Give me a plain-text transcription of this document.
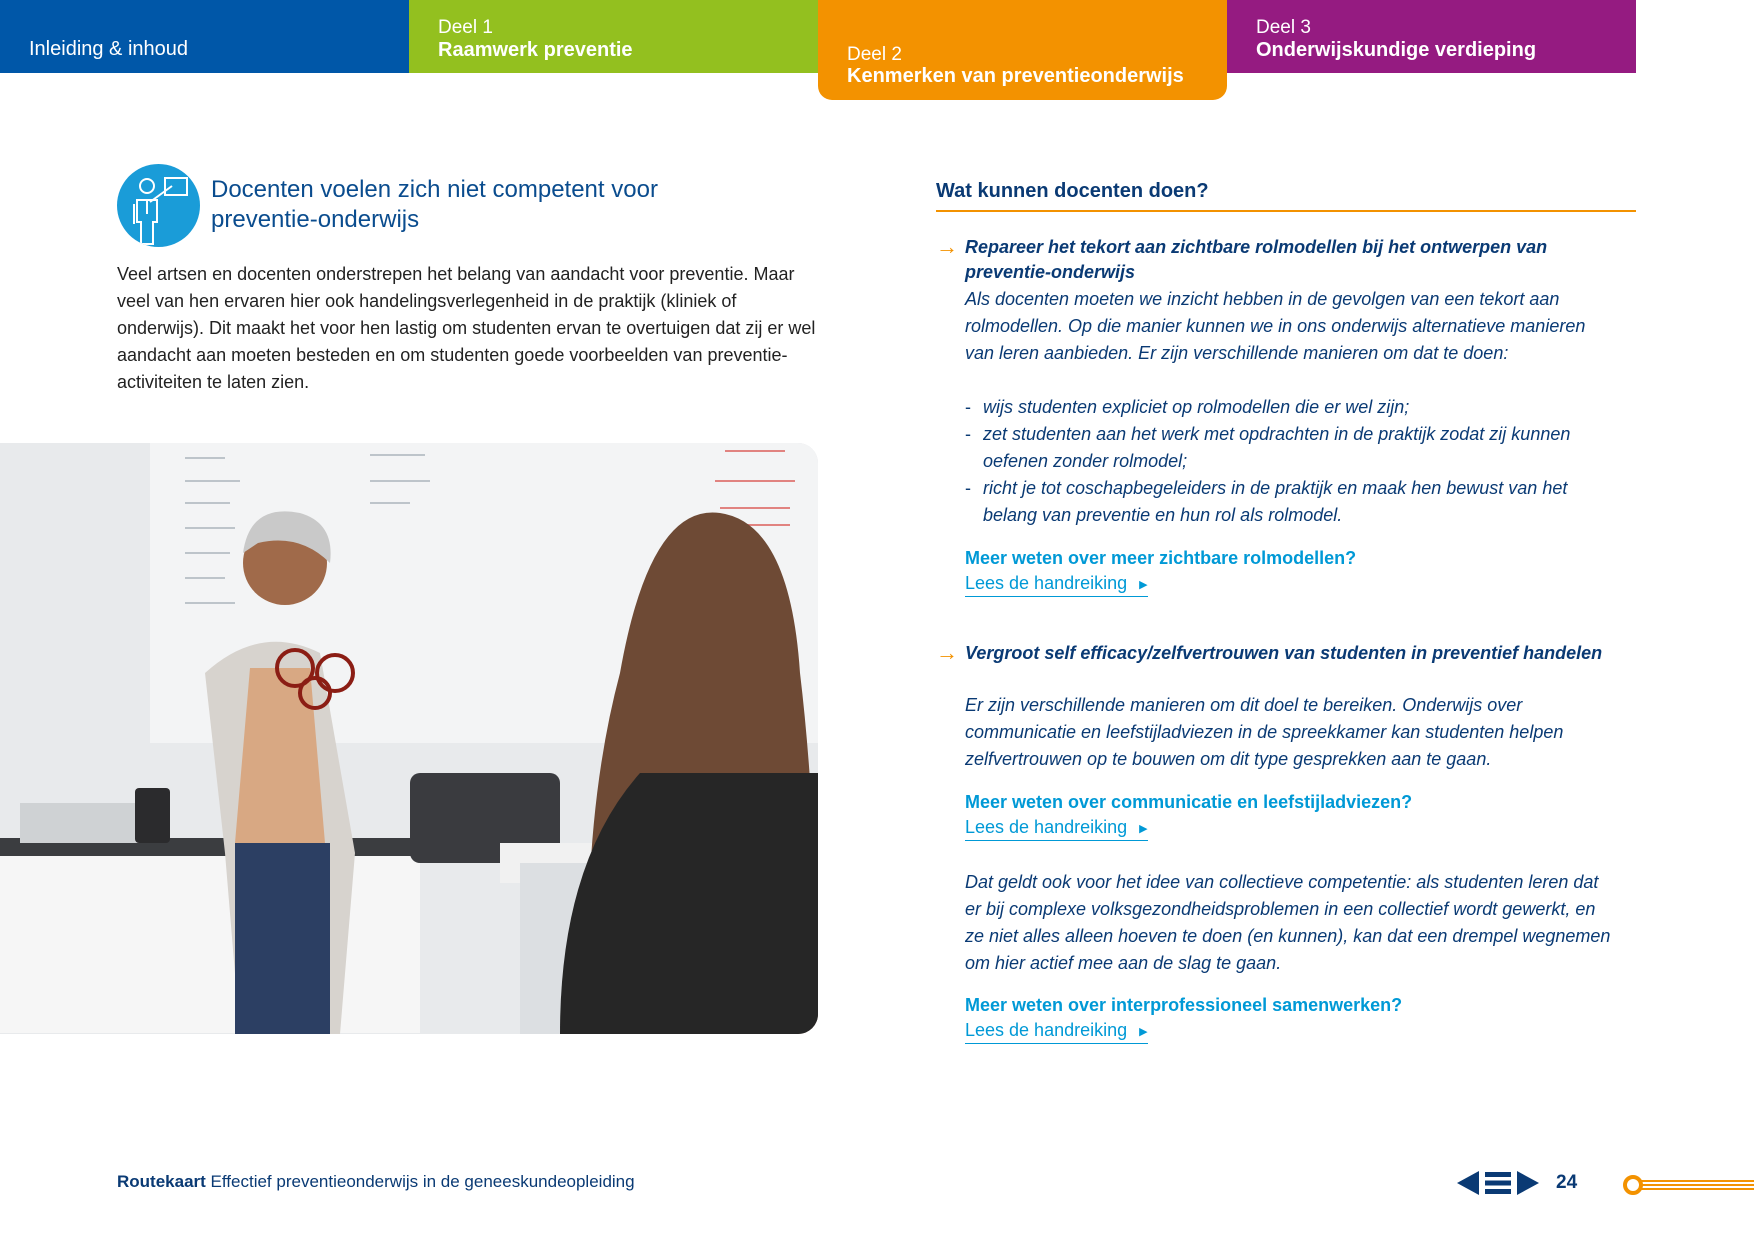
Inleiding & inhoud
Deel 1
Raamwerk preventie	Deel 2
Kenmerken van preventieonderwijs
Deel 3
Onderwijskundige verdieping
Docenten voelen zich niet competent voor preventie-onderwijs

Veel artsen en docenten onderstrepen het belang van aandacht voor preventie. Maar veel van hen ervaren hier ook handelingsverlegenheid in de praktijk (kliniek of onderwijs). Dit maakt het voor hen lastig om studenten ervan te overtuigen dat zij er wel aandacht aan moeten besteden en om studenten goede voorbeelden van preventie-activiteiten te laten zien.

Wat kunnen docenten doen?
→ Repareer het tekort aan zichtbare rolmodellen bij het ontwerpen van preventie-onderwijs

Als docenten moeten we inzicht hebben in de gevolgen van een tekort aan rolmodellen. Op die manier kunnen we in ons onderwijs alternatieve manieren van leren aanbieden. Er zijn verschillende manieren om dat te doen:

- wijs studenten expliciet op rolmodellen die er wel zijn;
- zet studenten aan het werk met opdrachten in de praktijk zodat zij kunnen oefenen zonder rolmodel;
- richt je tot coschapbegeleiders in de praktijk en maak hen bewust van het belang van preventie en hun rol als rolmodel.
Meer weten over meer zichtbare rolmodellen?
Lees de handreiking ▶
→ Vergroot self efficacy/zelfvertrouwen van studenten in preventief handelen

Er zijn verschillende manieren om dit doel te bereiken. Onderwijs over communicatie en leefstijladviezen in de spreekkamer kan studenten helpen zelfvertrouwen op te bouwen om dit type gesprekken aan te gaan.

Meer weten over communicatie en leefstijladviezen?
Lees de handreiking ▶

Dat geldt ook voor het idee van collectieve competentie: als studenten leren dat er bij complexe volksgezondheidsproblemen in een collectief wordt gewerkt, en ze niet alles alleen hoeven te doen (en kunnen), kan dat een drempel wegnemen om hier actief mee aan de slag te gaan.

Meer weten over interprofessioneel samenwerken?
Lees de handreiking ▶
Routekaart Effectief preventieonderwijs in de geneeskundeopleiding	24
